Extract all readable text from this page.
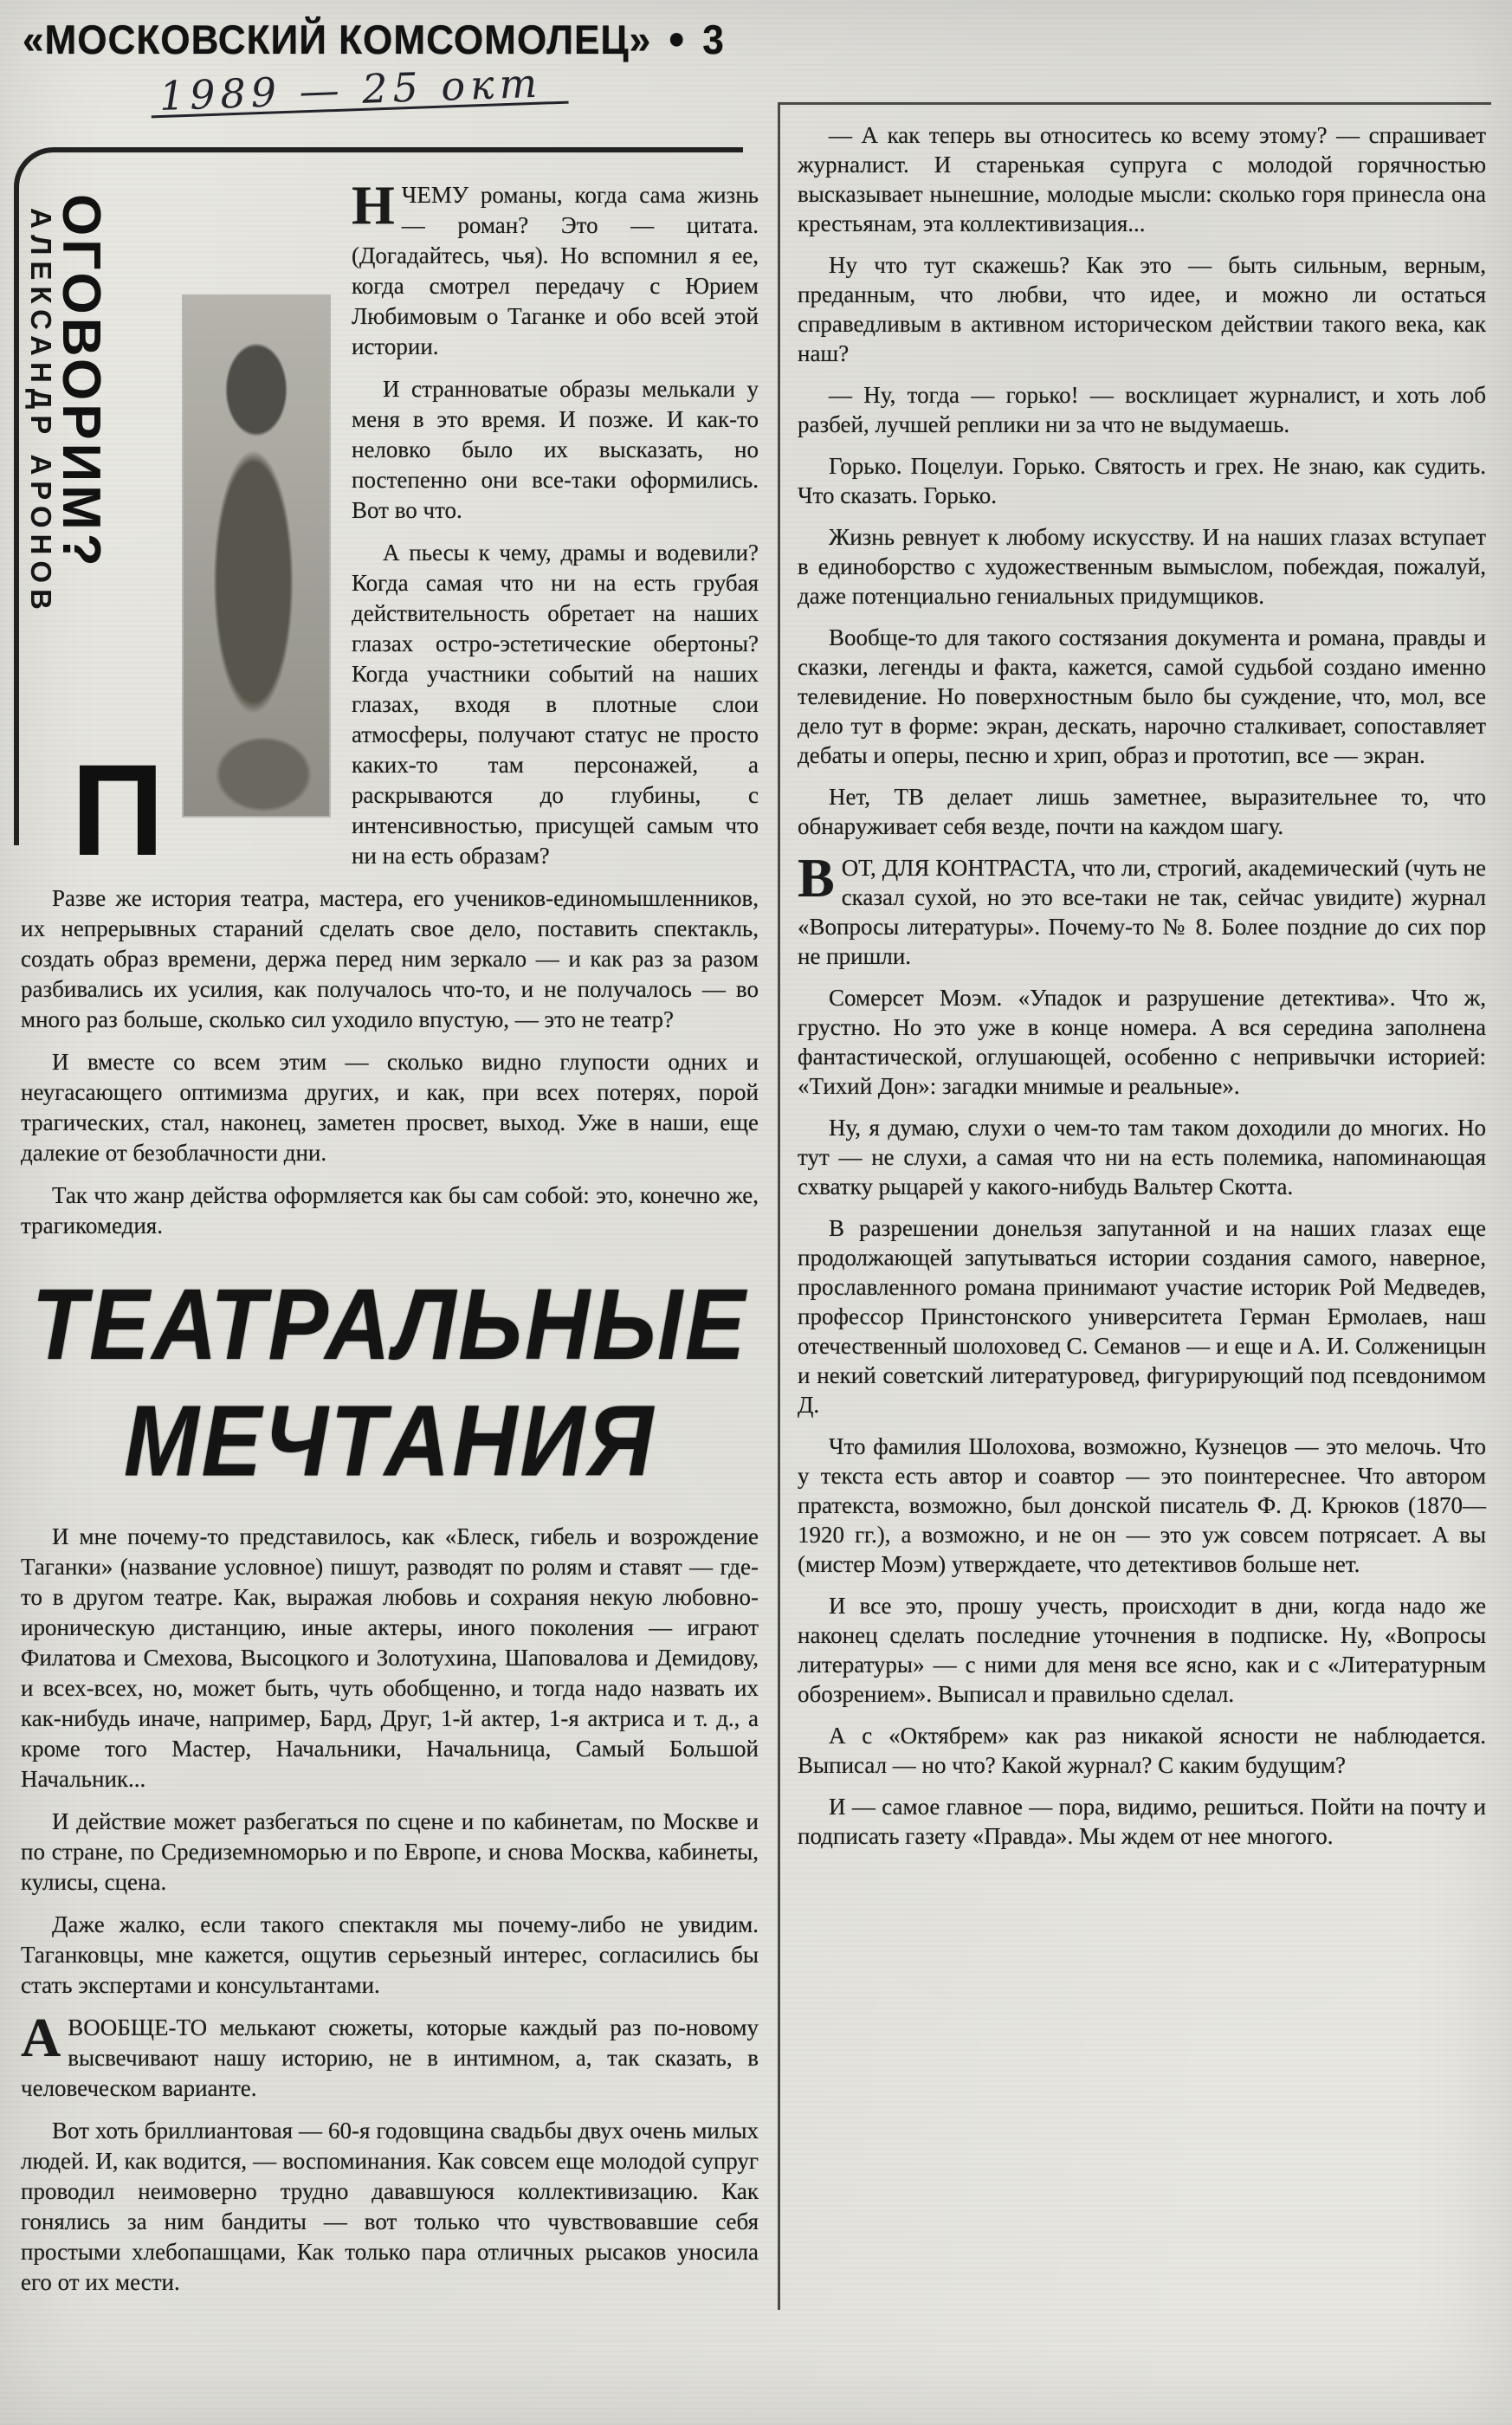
«МОСКОВСКИЙ КОМСОМОЛЕЦ» ● 3
1989 — 25 окт
АЛЕКСАНДР АРОНОВ
ОГОВОРИМ?
П

НЧЕМУ романы, когда сама жизнь — роман? Это — цитата. (Догадайтесь, чья). Но вспомнил я ее, когда смотрел передачу с Юрием Любимовым о Таганке и обо всей этой истории.

И странноватые образы мелькали у меня в это время. И позже. И как-то неловко было их высказать, но постепенно они все-таки оформились. Вот во что.

А пьесы к чему, драмы и водевили? Когда самая что ни на есть грубая действительность обретает на наших глазах остро-эстетические обертоны? Когда участники событий на наших глазах, входя в плотные слои атмосферы, получают статус не просто каких-то там персонажей, а раскрываются до глубины, с интенсивностью, присущей самым что ни на есть образам?

Разве же история театра, мастера, его учеников-единомышленников, их непрерывных стараний сделать свое дело, поставить спектакль, создать образ времени, держа перед ним зеркало — и как раз за разом разбивались их усилия, как получалось что-то, и не получалось — во много раз больше, сколько сил уходило впустую, — это не театр?

И вместе со всем этим — сколько видно глупости одних и неугасающего оптимизма других, и как, при всех потерях, порой трагических, стал, наконец, заметен просвет, выход. Уже в наши, еще далекие от безоблачности дни.

Так что жанр действа оформляется как бы сам собой: это, конечно же, трагикомедия.

ТЕАТРАЛЬНЫЕ
МЕЧТАНИЯ

И мне почему-то представилось, как «Блеск, гибель и возрождение Таганки» (название условное) пишут, разводят по ролям и ставят — где-то в другом театре. Как, выражая любовь и сохраняя некую любовно-ироническую дистанцию, иные актеры, иного поколения — играют Филатова и Смехова, Высоцкого и Золотухина, Шаповалова и Демидову, и всех-всех, но, может быть, чуть обобщенно, и тогда надо назвать их как-нибудь иначе, например, Бард, Друг, 1-й актер, 1-я актриса и т. д., а кроме того Мастер, Начальники, Начальница, Самый Большой Начальник...

И действие может разбегаться по сцене и по кабинетам, по Москве и по стране, по Средиземноморью и по Европе, и снова Москва, кабинеты, кулисы, сцена.

Даже жалко, если такого спектакля мы почему-либо не увидим. Таганковцы, мне кажется, ощутив серьезный интерес, согласились бы стать экспертами и консультантами.

АВООБЩЕ-ТО мелькают сюжеты, которые каждый раз по-новому высвечивают нашу историю, не в интимном, а, так сказать, в человеческом варианте.

Вот хоть бриллиантовая — 60-я годовщина свадьбы двух очень милых людей. И, как водится, — воспоминания. Как совсем еще молодой супруг проводил неимоверно трудно дававшуюся коллективизацию. Как гонялись за ним бандиты — вот только что чувствовавшие себя простыми хлебопашцами, Как только пара отличных рысаков уносила его от их мести.

— А как теперь вы относитесь ко всему этому? — спрашивает журналист. И старенькая супруга с молодой горячностью высказывает нынешние, молодые мысли: сколько горя принесла она крестьянам, эта коллективизация...

Ну что тут скажешь? Как это — быть сильным, верным, преданным, что любви, что идее, и можно ли остаться справедливым в активном историческом действии такого века, как наш?

— Ну, тогда — горько! — восклицает журналист, и хоть лоб разбей, лучшей реплики ни за что не выдумаешь.

Горько. Поцелуи. Горько. Святость и грех. Не знаю, как судить. Что сказать. Горько.

Жизнь ревнует к любому искусству. И на наших глазах вступает в единоборство с художественным вымыслом, побеждая, пожалуй, даже потенциально гениальных придумщиков.

Вообще-то для такого состязания документа и романа, правды и сказки, легенды и факта, кажется, самой судьбой создано именно телевидение. Но поверхностным было бы суждение, что, мол, все дело тут в форме: экран, дескать, нарочно сталкивает, сопоставляет дебаты и оперы, песню и хрип, образ и прототип, все — экран.

Нет, ТВ делает лишь заметнее, выразительнее то, что обнаруживает себя везде, почти на каждом шагу.

ВОТ, ДЛЯ КОНТРАСТА, что ли, строгий, академический (чуть не сказал сухой, но это все-таки не так, сейчас увидите) журнал «Вопросы литературы». Почему-то № 8. Более поздние до сих пор не пришли.

Сомерсет Моэм. «Упадок и разрушение детектива». Что ж, грустно. Но это уже в конце номера. А вся середина заполнена фантастической, оглушающей, особенно с непривычки историей: «Тихий Дон»: загадки мнимые и реальные».

Ну, я думаю, слухи о чем-то там таком доходили до многих. Но тут — не слухи, а самая что ни на есть полемика, напоминающая схватку рыцарей у какого-нибудь Вальтер Скотта.

В разрешении донельзя запутанной и на наших глазах еще продолжающей запутываться истории создания самого, наверное, прославленного романа принимают участие историк Рой Медведев, профессор Принстонского университета Герман Ермолаев, наш отечественный шолоховед С. Семанов — и еще и А. И. Солженицын и некий советский литературовед, фигурирующий под псевдонимом Д.

Что фамилия Шолохова, возможно, Кузнецов — это мелочь. Что у текста есть автор и соавтор — это поинтереснее. Что автором пратекста, возможно, был донской писатель Ф. Д. Крюков (1870—1920 гг.), а возможно, и не он — это уж совсем потрясает. А вы (мистер Моэм) утверждаете, что детективов больше нет.

И все это, прошу учесть, происходит в дни, когда надо же наконец сделать последние уточнения в подписке. Ну, «Вопросы литературы» — с ними для меня все ясно, как и с «Литературным обозрением». Выписал и правильно сделал.

А с «Октябрем» как раз никакой ясности не наблюдается. Выписал — но что? Какой журнал? С каким будущим?

И — самое главное — пора, видимо, решиться. Пойти на почту и подписать газету «Правда». Мы ждем от нее многого.
